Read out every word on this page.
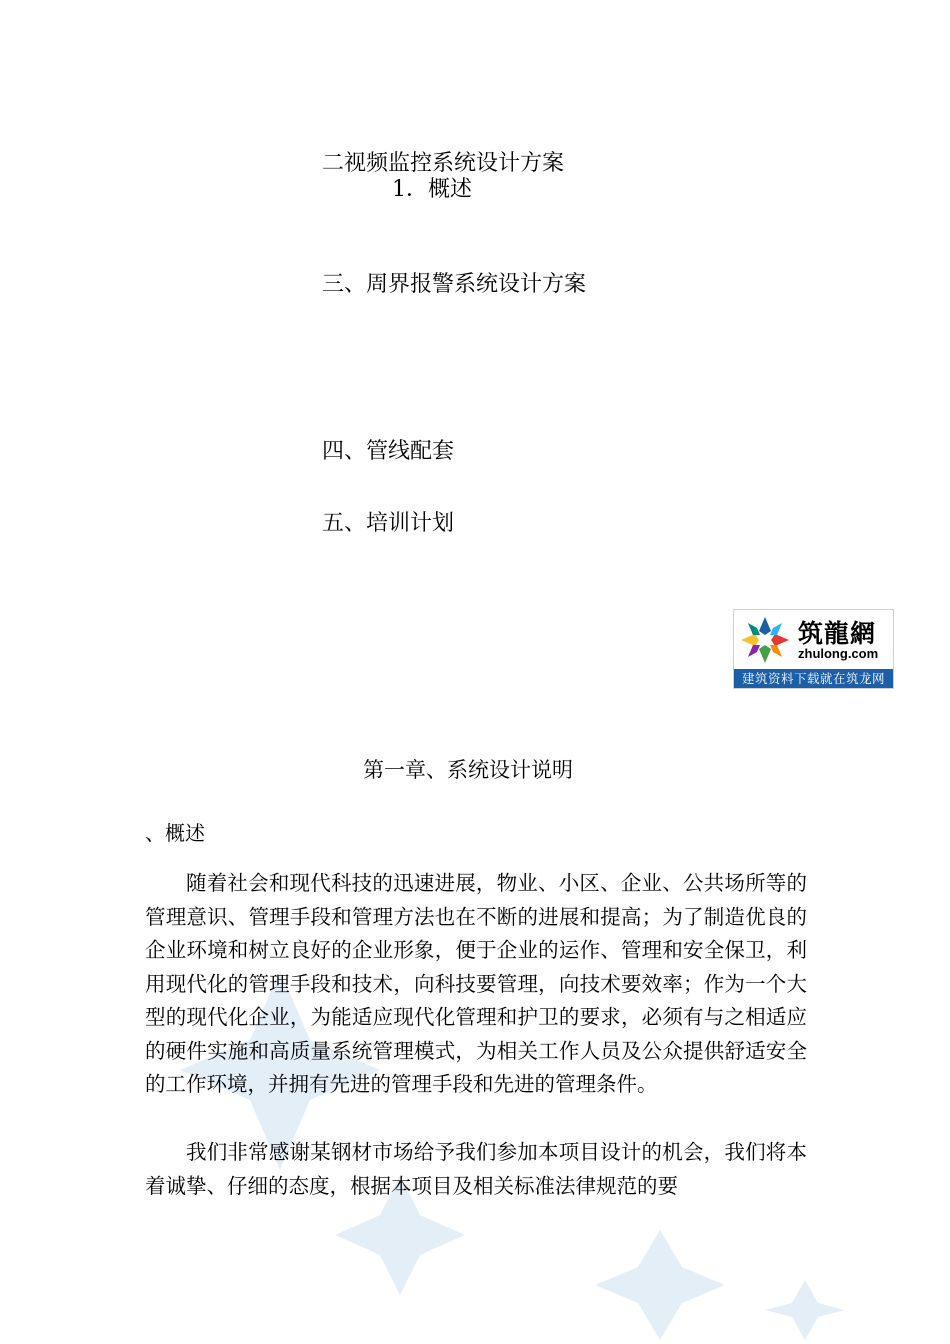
二视频监控系统设计方案
1．概述
三、周界报警系统设计方案
四、管线配套
五、培训计划
筑龍網
zhulong.com
建筑资料下载就在筑龙网
第一章、系统设计说明
、概述
随着社会和现代科技的迅速进展，物业、小区、企业、公共场所等的管理意识、管理手段和管理方法也在不断的进展和提高；为了制造优良的企业环境和树立良好的企业形象，便于企业的运作、管理和安全保卫，利用现代化的管理手段和技术，向科技要管理，向技术要效率；作为一个大型的现代化企业，为能适应现代化管理和护卫的要求，必须有与之相适应的硬件实施和高质量系统管理模式，为相关工作人员及公众提供舒适安全的工作环境，并拥有先进的管理手段和先进的管理条件。
我们非常感谢某钢材市场给予我们参加本项目设计的机会，我们将本着诚挚、仔细的态度，根据本项目及相关标准法律规范的要
